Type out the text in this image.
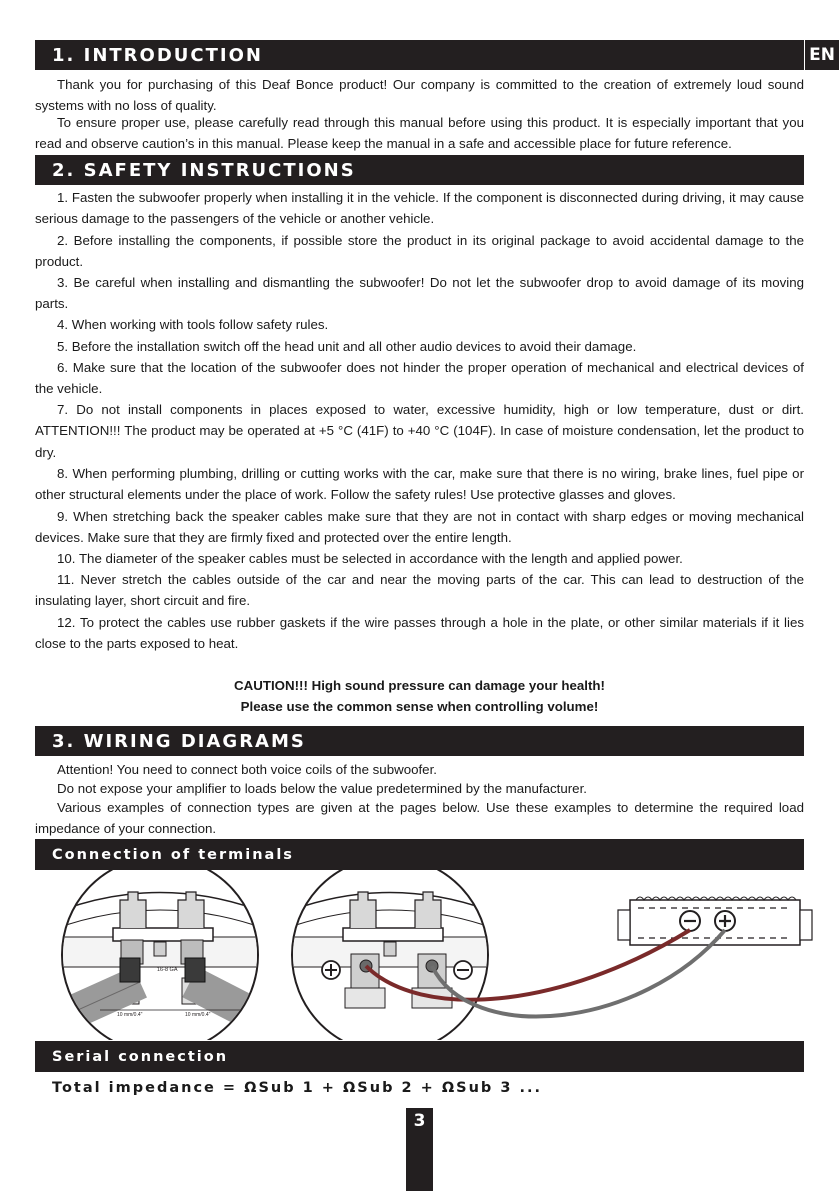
1. INTRODUCTION	EN

Thank you for purchasing of this Deaf Bonce product! Our company is committed to the creation of extremely loud sound systems with no loss of quality.

To ensure proper use, please carefully read through this manual before using this product. It is especially important that you read and observe caution’s in this manual. Please keep the manual in a safe and accessible place for future reference.

2. SAFETY INSTRUCTIONS

1. Fasten the subwoofer properly when installing it in the vehicle. If the component is disconnected during driving, it may cause serious damage to the passengers of the vehicle or another vehicle.

2. Before installing the components, if possible store the product in its original package to avoid accidental damage to the product.

3. Be careful when installing and dismantling the subwoofer! Do not let the subwoofer drop to avoid damage of its moving parts.

4. When working with tools follow safety rules.

5. Before the installation switch off the head unit and all other audio devices to avoid their damage.

6. Make sure that the location of the subwoofer does not hinder the proper operation of mechanical and electrical devices of the vehicle.

7. Do not install components in places exposed to water, excessive humidity, high or low temperature, dust or dirt. ATTENTION!!! The product may be operated at +5 °C (41F) to +40 °C (104F). In case of moisture condensation, let the product to dry.

8. When performing plumbing, drilling or cutting works with the car, make sure that there is no wiring, brake lines, fuel pipe or other structural elements under the place of work. Follow the safety rules! Use protective glasses and gloves.

9. When stretching back the speaker cables make sure that they are not in contact with sharp edges or moving mechanical devices. Make sure that they are firmly fixed and protected over the entire length.

10. The diameter of the speaker cables must be selected in accordance with the length and applied power.

11. Never stretch the cables outside of the car and near the moving parts of the car. This can lead to destruction of the insulating layer, short circuit and fire.

12. To protect the cables use rubber gaskets if the wire passes through a hole in the plate, or other similar materials if it lies close to the parts exposed to heat.

CAUTION!!! High sound pressure can damage your health!
Please use the common sense when controlling volume!
3. WIRING DIAGRAMS

Attention! You need to connect both voice coils of the subwoofer.

Do not expose your amplifier to loads below the value predetermined by the manufacturer.

Various examples of connection types are given at the pages below. Use these examples to determine the required load impedance of your connection.

Connection of terminals
16-8 GA
10 mm/0.4"	10 mm/0.4"
Serial connection
Total impedance = ΩSub 1 + ΩSub 2 + ΩSub 3 ...
3
